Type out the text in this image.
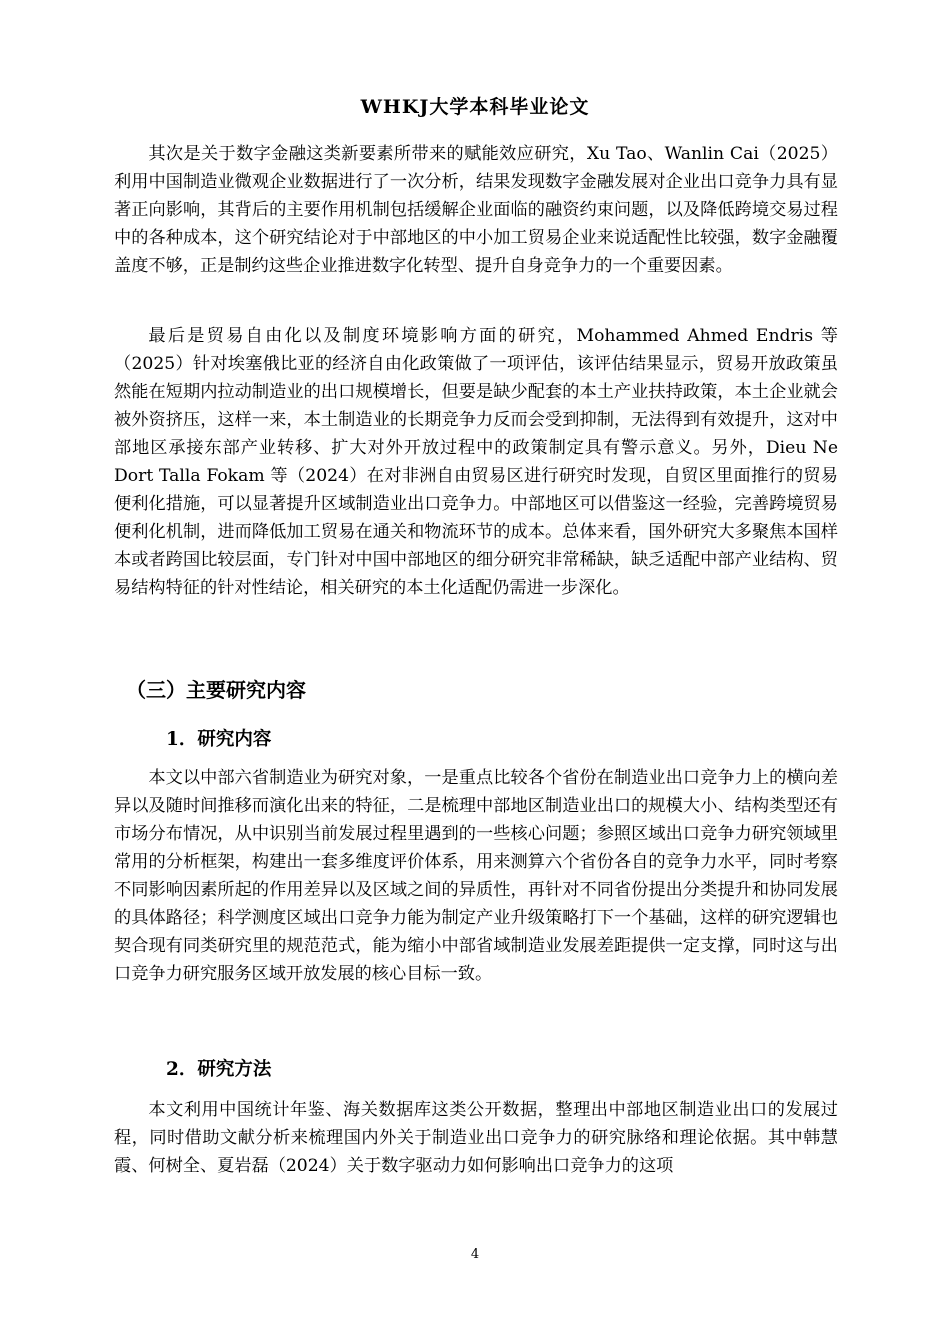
WHKJ大学本科毕业论文

其次是关于数字金融这类新要素所带来的赋能效应研究，Xu Tao、Wanlin Cai（2025）利用中国制造业微观企业数据进行了一次分析，结果发现数字金融发展对企业出口竞争力具有显著正向影响，其背后的主要作用机制包括缓解企业面临的融资约束问题，以及降低跨境交易过程中的各种成本，这个研究结论对于中部地区的中小加工贸易企业来说适配性比较强，数字金融覆盖度不够，正是制约这些企业推进数字化转型、提升自身竞争力的一个重要因素。

最后是贸易自由化以及制度环境影响方面的研究，Mohammed Ahmed Endris 等（2025）针对埃塞俄比亚的经济自由化政策做了一项评估，该评估结果显示，贸易开放政策虽然能在短期内拉动制造业的出口规模增长，但要是缺少配套的本土产业扶持政策，本土企业就会被外资挤压，这样一来，本土制造业的长期竞争力反而会受到抑制，无法得到有效提升，这对中部地区承接东部产业转移、扩大对外开放过程中的政策制定具有警示意义。另外，Dieu Ne Dort Talla Fokam 等（2024）在对非洲自由贸易区进行研究时发现，自贸区里面推行的贸易便利化措施，可以显著提升区域制造业出口竞争力。中部地区可以借鉴这一经验，完善跨境贸易便利化机制，进而降低加工贸易在通关和物流环节的成本。总体来看，国外研究大多聚焦本国样本或者跨国比较层面，专门针对中国中部地区的细分研究非常稀缺，缺乏适配中部产业结构、贸易结构特征的针对性结论，相关研究的本土化适配仍需进一步深化。

（三）主要研究内容
1．研究内容

本文以中部六省制造业为研究对象，一是重点比较各个省份在制造业出口竞争力上的横向差异以及随时间推移而演化出来的特征，二是梳理中部地区制造业出口的规模大小、结构类型还有市场分布情况，从中识别当前发展过程里遇到的一些核心问题；参照区域出口竞争力研究领域里常用的分析框架，构建出一套多维度评价体系，用来测算六个省份各自的竞争力水平，同时考察不同影响因素所起的作用差异以及区域之间的异质性，再针对不同省份提出分类提升和协同发展的具体路径；科学测度区域出口竞争力能为制定产业升级策略打下一个基础，这样的研究逻辑也契合现有同类研究里的规范范式，能为缩小中部省域制造业发展差距提供一定支撑，同时这与出口竞争力研究服务区域开放发展的核心目标一致。

2．研究方法

本文利用中国统计年鉴、海关数据库这类公开数据，整理出中部地区制造业出口的发展过程，同时借助文献分析来梳理国内外关于制造业出口竞争力的研究脉络和理论依据。其中韩慧霞、何树全、夏岩磊（2024）关于数字驱动力如何影响出口竞争力的这项

4
